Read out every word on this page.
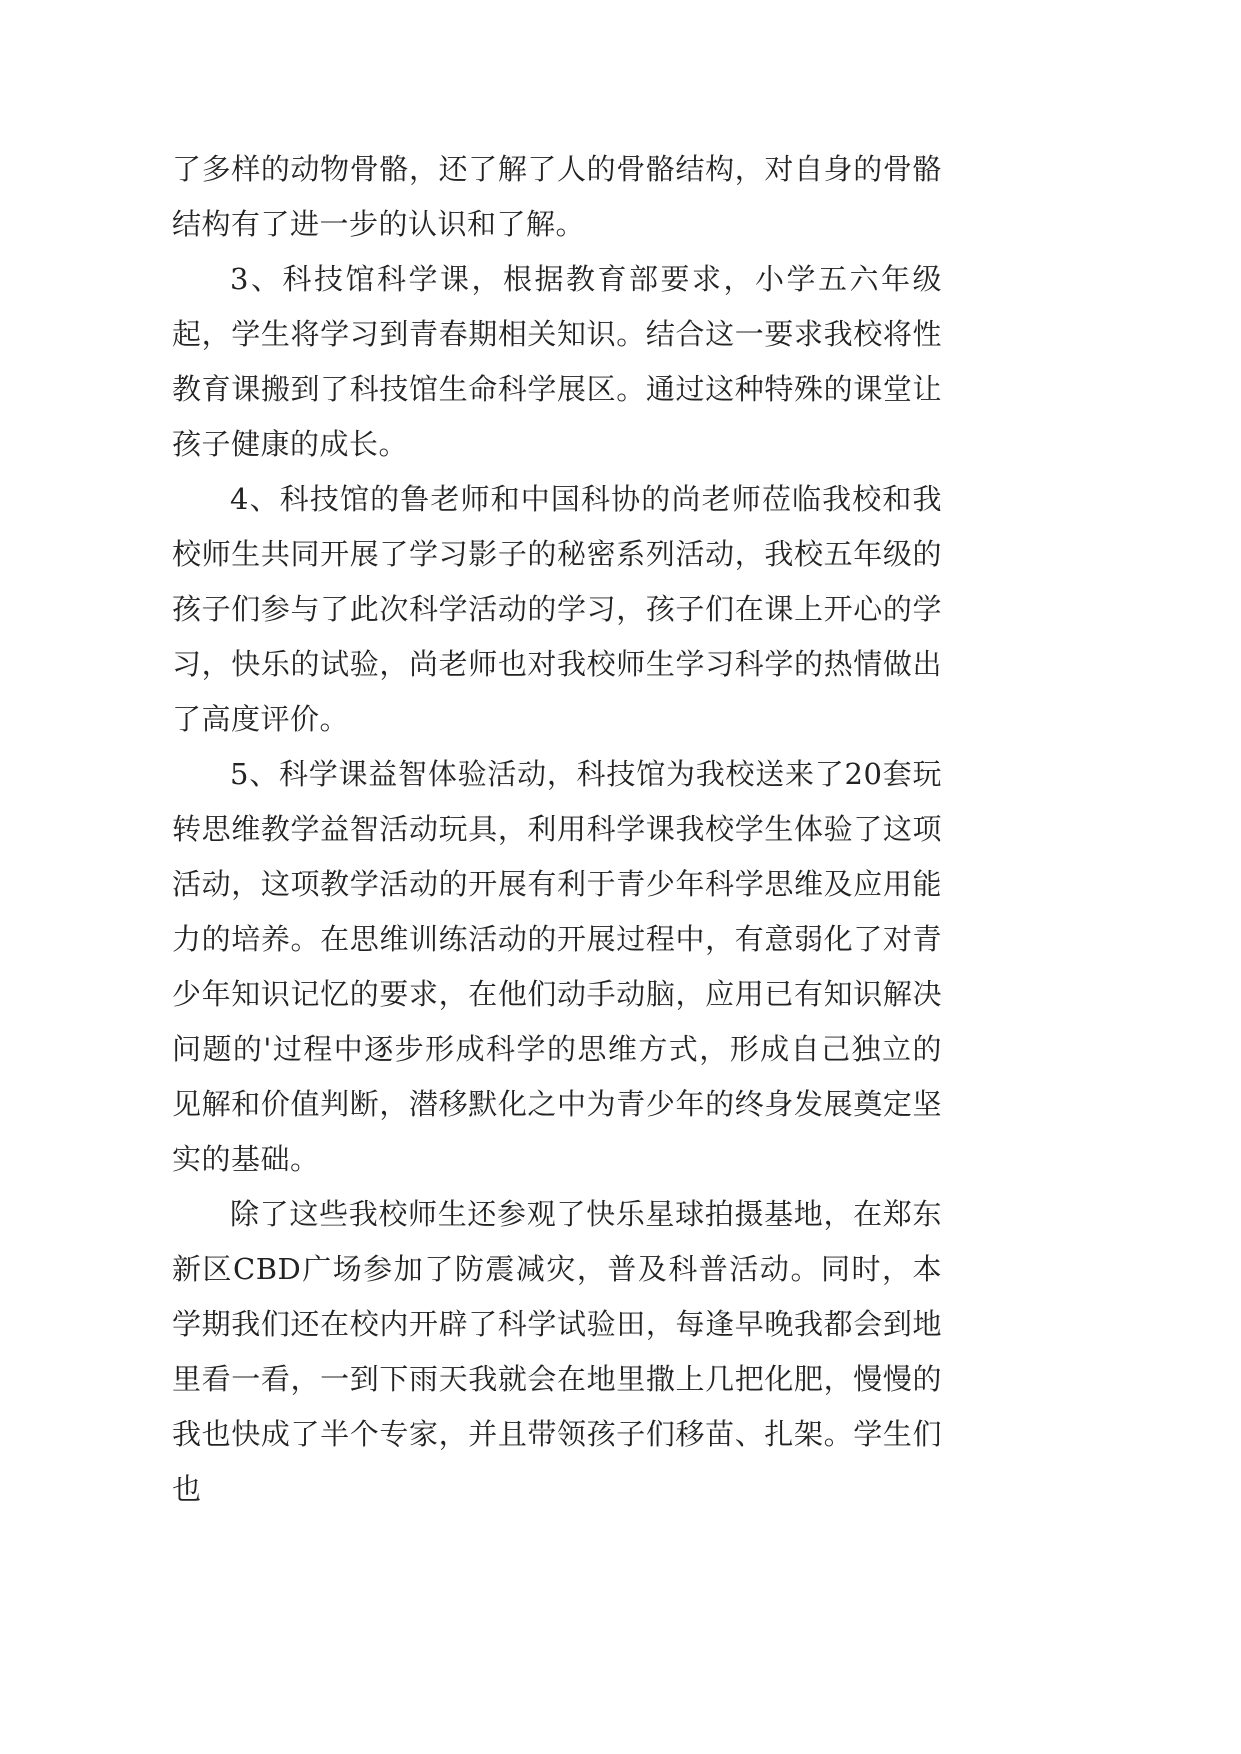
了多样的动物骨骼，还了解了人的骨骼结构，对自身的骨骼结构有了进一步的认识和了解。

3、科技馆科学课，根据教育部要求，小学五六年级起，学生将学习到青春期相关知识。结合这一要求我校将性教育课搬到了科技馆生命科学展区。通过这种特殊的课堂让孩子健康的成长。

4、科技馆的鲁老师和中国科协的尚老师莅临我校和我校师生共同开展了学习影子的秘密系列活动，我校五年级的孩子们参与了此次科学活动的学习，孩子们在课上开心的学习，快乐的试验，尚老师也对我校师生学习科学的热情做出了高度评价。

5、科学课益智体验活动，科技馆为我校送来了20套玩转思维教学益智活动玩具，利用科学课我校学生体验了这项活动，这项教学活动的开展有利于青少年科学思维及应用能力的培养。在思维训练活动的开展过程中，有意弱化了对青少年知识记忆的要求，在他们动手动脑，应用已有知识解决问题的'过程中逐步形成科学的思维方式，形成自己独立的见解和价值判断，潜移默化之中为青少年的终身发展奠定坚实的基础。

除了这些我校师生还参观了快乐星球拍摄基地，在郑东新区CBD广场参加了防震减灾，普及科普活动。同时，本学期我们还在校内开辟了科学试验田，每逢早晚我都会到地里看一看，一到下雨天我就会在地里撒上几把化肥，慢慢的我也快成了半个专家，并且带领孩子们移苗、扎架。学生们也
